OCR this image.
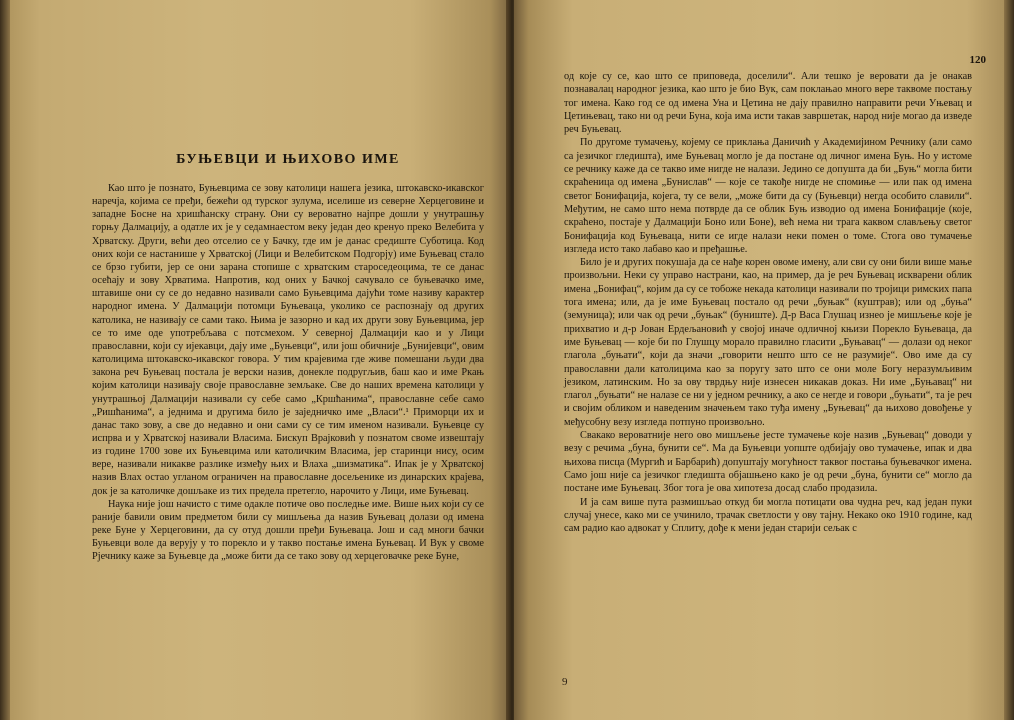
БУЊЕВЦИ И ЊИХОВО ИМЕ

Као што је познато, Буњевцима се зову католици нашега језика, штокавско-икавског наречја, којима се пређи, бежећи од турског зулума, иселише из северне Херцеговине и западне Босне на хришћанску страну. Они су вероватно најпре дошли у унутрашњу горњу Далмацију, а одатле их је у седамнаестом веку један део кренуо преко Велебита у Хрватску. Други, већи део отселио се у Бачку, где им је данас средиште Суботица. Код оних који се настанише у Хрватској (Лици и Велебитском Подгорју) име Буњевац стало се брзо губити, јер се они зарана стопише с хрватским староседеоцима, те се данас осећају и зову Хрватима. Напротив, код оних у Бачкој сачувало се буњевачко име, штавише они су се до недавно називали само Буњевцима дајући томе називу карактер народног имена. У Далмацији потомци Буњеваца, уколико се распознају од других католика, не називају се сами тако. Њима је зазорно и кад их други зову Буњевцима, јер се то име оде употребљава с потсмехом. У северној Далмацији као и у Лици православни, који су ијекавци, дају име „Буњевци“, или још обичније „Бунијевци“, овим католицима штокавско-икавског говора. У тим крајевима где живе помешани људи два закона реч Буњевац постала је верски назив, донекле подругљив, баш као и име Ркањ којим католици називају своје православне земљаке. Све до наших времена католици у унутрашњој Далмацији називали су себе само „Кршћанима“, православне себе само „Ришћанима“, а једнима и другима било је заједничко име „Власи“.¹ Приморци их и данас тако зову, а све до недавно и они сами су се тим именом називали. Буњевце су испрва и у Хрватској називали Власима. Бискуп Врајковић у познатом своме извештају из године 1700 зове их Буњевцима или католичким Власима, јер старинци нису, осим вере, називали никакве разлике између њих и Влаха „шизматика“. Ипак је у Хрватској назив Влах остао угланом ограничен на православне досељенике из динарских крајева, док је за католичке дошљаке из тих предела претегло, нарочито у Лици, име Буњевац.

Наука није још начисто с тиме одакле потиче ово последње име. Више њих који су се раније бавили овим предметом били су мишљења да назив Буњевац долази од имена реке Буне у Херцеговини, да су отуд дошли пређи Буњеваца. Још и сад многи бачки Буњевци воле да верују у то порекло и у такво постање имена Буњевац. И Вук у своме Рјечнику каже за Буњевце да „може бити да се тако зову од херцеговачке реке Буне,

120

од које су се, као што се приповеда, доселили“. Али тешко је веровати да је онакав познавалац народног језика, као што је био Вук, сам поклањао много вере таквоме постању тог имена. Како год се од имена Уна и Цетина не дају правилно направити речи Уњевац и Цетињевац, тако ни од речи Буна, која има исти такав завршетак, народ није могао да изведе реч Буњевац.

По другоме тумачењу, којему се приклања Даничић у Академијином Речнику (али само са језичког гледишта), име Буњевац могло је да постане од личног имена Буњ. Но у истоме се речнику каже да се такво име нигде не налази. Једино се допушта да би „Буњ“ могла бити скраћеница од имена „Бунислав“ — које се такође нигде не спомиње — или пак од имена светог Бонифација, којега, ту се вели, „може бити да су (Буњевци) негда особито славили“. Међутим, не само што нема потврде да се облик Буњ изводио од имена Бонифације (које, скраћено, постаје у Далмацији Боно или Боне), већ нема ни трага каквом слављењу светог Бонифација код Буњеваца, нити се игде налази неки помен о томе. Стога ово тумачење изгледа исто тако лабаво као и пређашње.

Било је и других покушаја да се нађе корен овоме имену, али сви су они били више мање произвољни. Неки су управо настрани, као, на пример, да је реч Буњевац искварени облик имена „Бонифац“, којим да су се тобоже некада католици називали по тројици римских папа тога имена; или, да је име Буњевац постало од речи „буњак“ (куштрав); или од „буња“ (земуница); или чак од речи „буњак“ (буниште). Д-р Васа Глушац изнео је мишљење које је прихватио и д-р Јован Ердељановић у својој иначе одличној књизи Порекло Буњеваца, да име Буњевац — које би по Глушцу морало правилно гласити „Буњавац“ — долази од неког глагола „буњати“, који да значи „говорити нешто што се не разумије“. Ово име да су православни дали католицима као за поругу зато што се они моле Богу неразумљивим језиком, латинским. Но за ову тврдњу није изнесен никакав доказ. Ни име „Буњавац“ ни глагол „буњати“ не налазе се ни у једном речнику, а ако се негде и говори „буњати“, та је реч и својим обликом и наведеним значењем тако туђа имену „Буњевац“ да њихово довођење у међусобну везу изгледа потпуно произвољно.

Свакако вероватније него ово мишљење јесте тумачење које назив „Буњевац“ доводи у везу с речима „буна, бунити се“. Ма да Буњевци уопште одбијају ово тумачење, ипак и два њихова писца (Мургић и Барбарић) допуштају могућност таквог постања буњевачког имена. Само још није са језичког гледишта објашњено како је од речи „буна, бунити се“ могло да постане име Буњевац. Због тога је ова хипотеза досад слабо продазила.

И ја сам више пута размишљао откуд би могла потицати ова чудна реч, кад један пуки случај унесе, како ми се учинило, трачак светлости у ову тајну. Некако око 1910 године, кад сам радио као адвокат у Сплиту, дође к мени један старији сељак с

9
